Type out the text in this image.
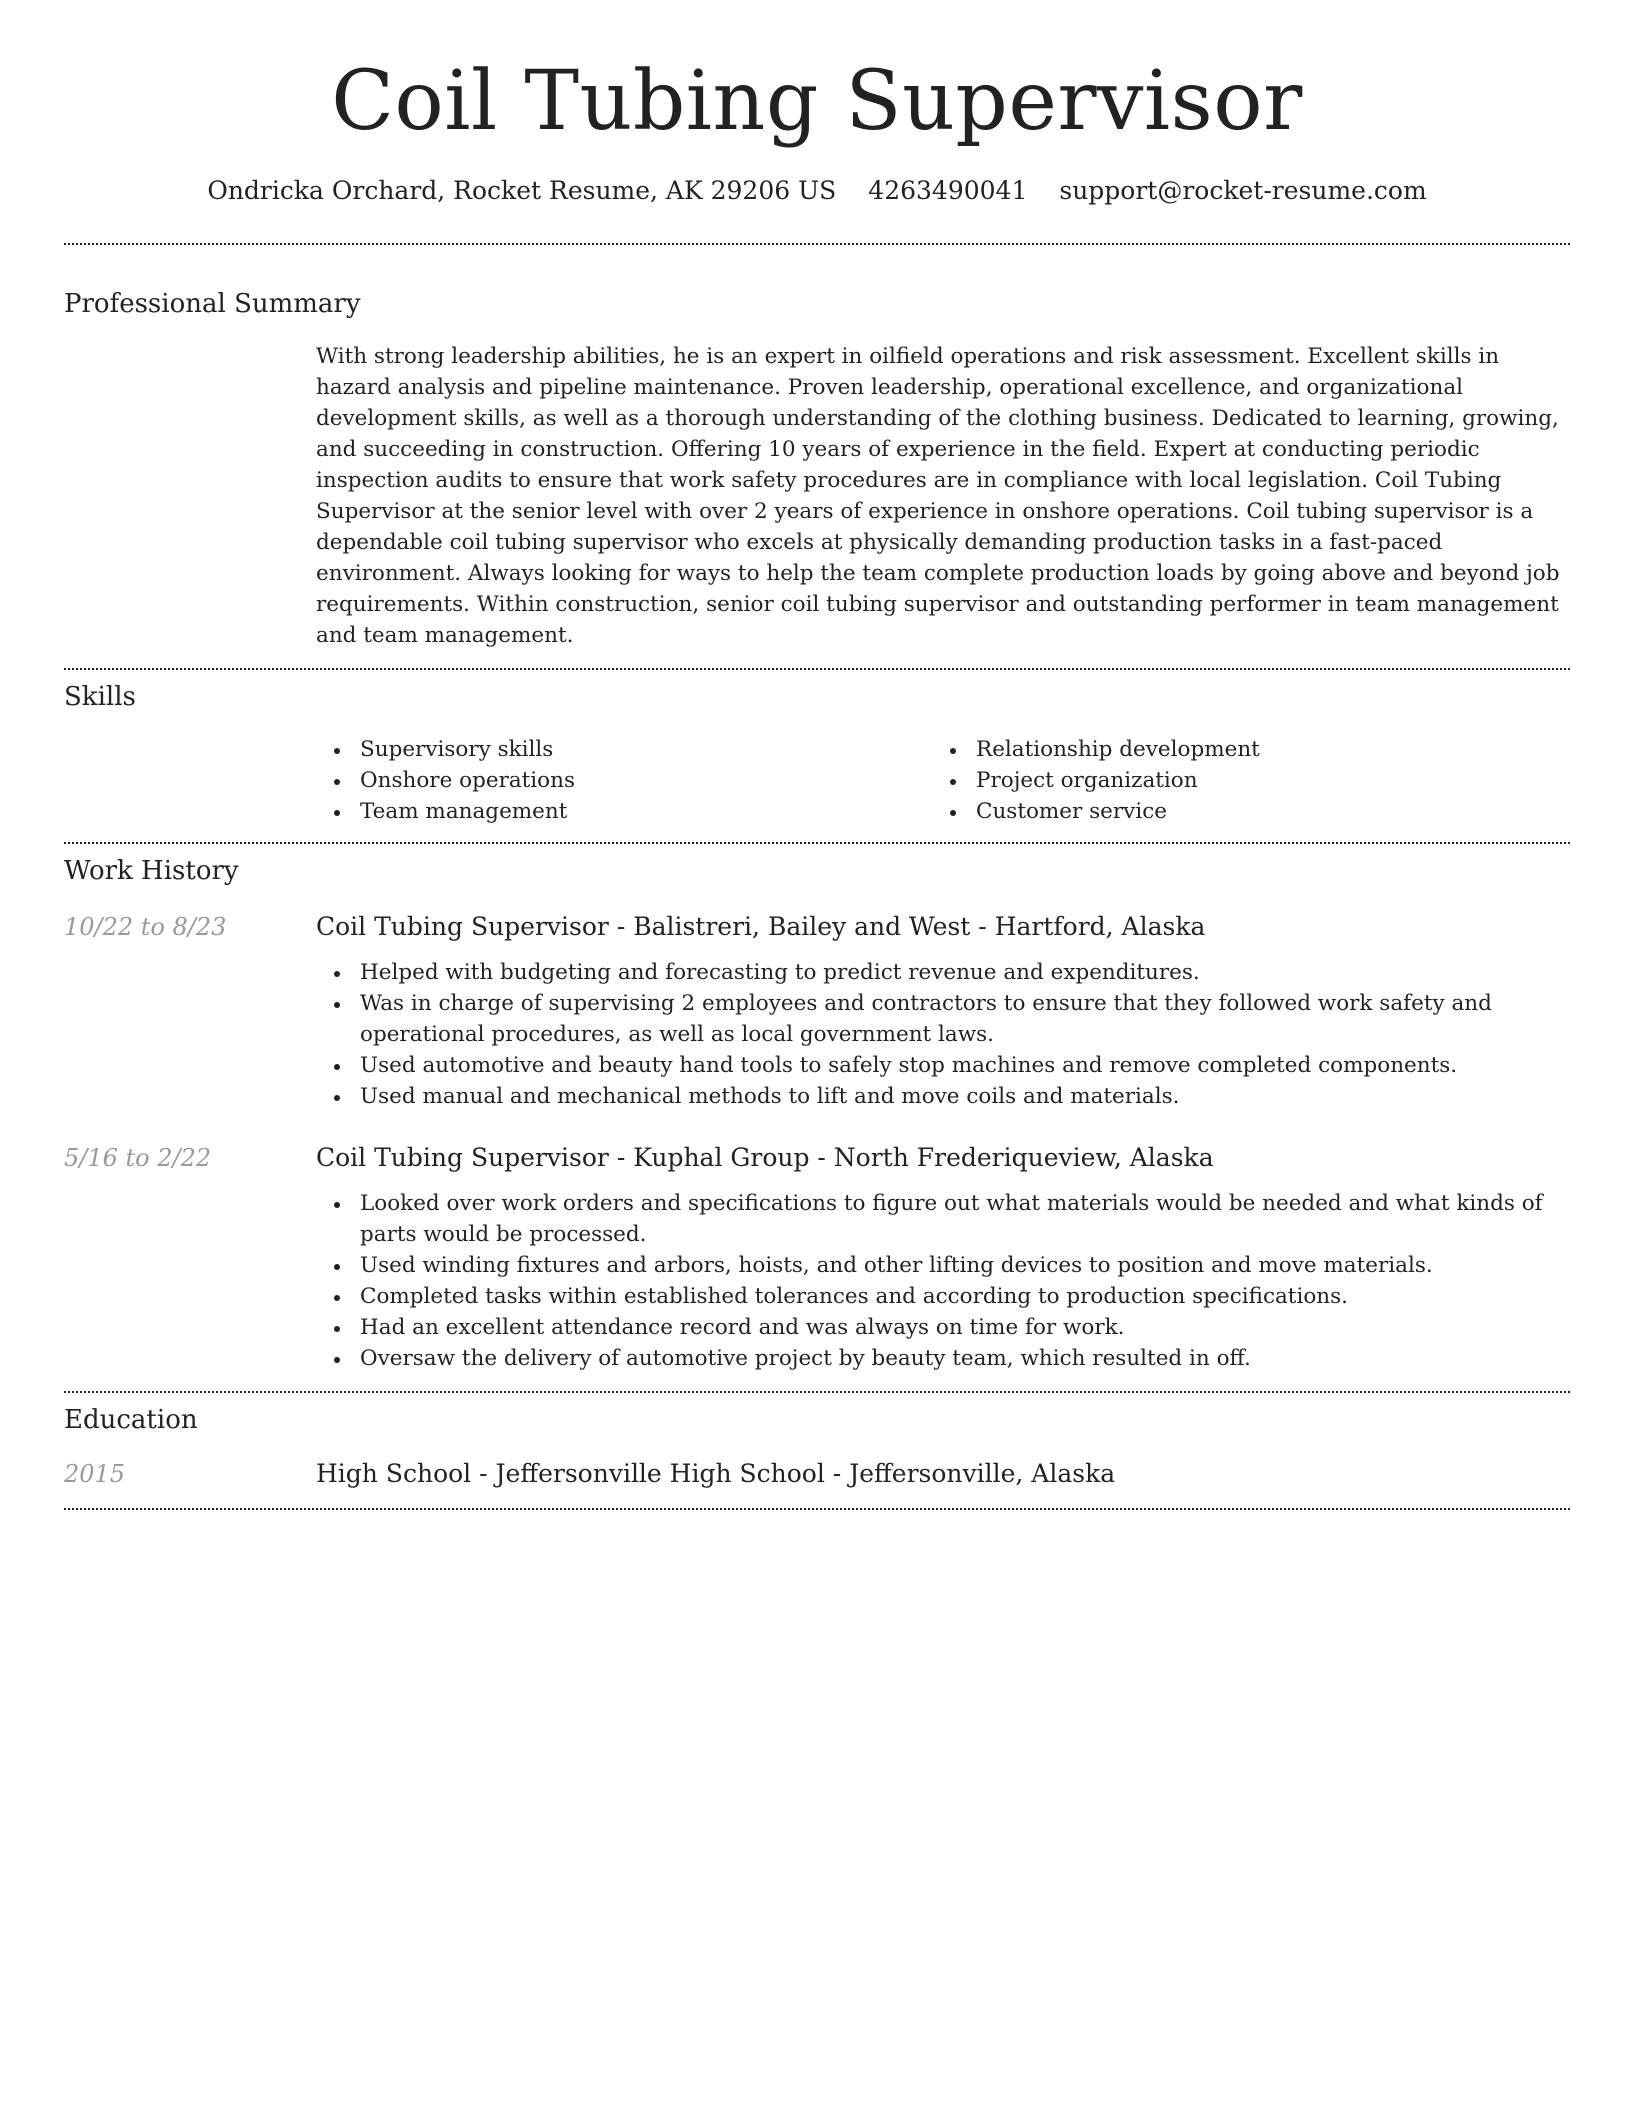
Coil Tubing Supervisor
Ondricka Orchard, Rocket Resume, AK 29206 US 4263490041 support@rocket-resume.com
Professional Summary

With strong leadership abilities, he is an expert in oilfield operations and risk assessment. Excellent skills in hazard analysis and pipeline maintenance. Proven leadership, operational excellence, and organizational development skills, as well as a thorough understanding of the clothing business. Dedicated to learning, growing, and succeeding in construction. Offering 10 years of experience in the field. Expert at conducting periodic inspection audits to ensure that work safety procedures are in compliance with local legislation. Coil Tubing Supervisor at the senior level with over 2 years of experience in onshore operations. Coil tubing supervisor is a dependable coil tubing supervisor who excels at physically demanding production tasks in a fast-paced environment. Always looking for ways to help the team complete production loads by going above and beyond job requirements. Within construction, senior coil tubing supervisor and outstanding performer in team management and team management.

Skills
Supervisory skills
Onshore operations
Team management
Relationship development
Project organization
Customer service
Work History
10/22 to 8/23	Coil Tubing Supervisor - Balistreri, Bailey and West - Hartford, Alaska
Helped with budgeting and forecasting to predict revenue and expenditures.
Was in charge of supervising 2 employees and contractors to ensure that they followed work safety and operational procedures, as well as local government laws.
Used automotive and beauty hand tools to safely stop machines and remove completed components.
Used manual and mechanical methods to lift and move coils and materials.
5/16 to 2/22	Coil Tubing Supervisor - Kuphal Group - North Frederiqueview, Alaska
Looked over work orders and specifications to figure out what materials would be needed and what kinds of parts would be processed.
Used winding fixtures and arbors, hoists, and other lifting devices to position and move materials.
Completed tasks within established tolerances and according to production specifications.
Had an excellent attendance record and was always on time for work.
Oversaw the delivery of automotive project by beauty team, which resulted in off.
Education
2015	High School - Jeffersonville High School - Jeffersonville, Alaska
